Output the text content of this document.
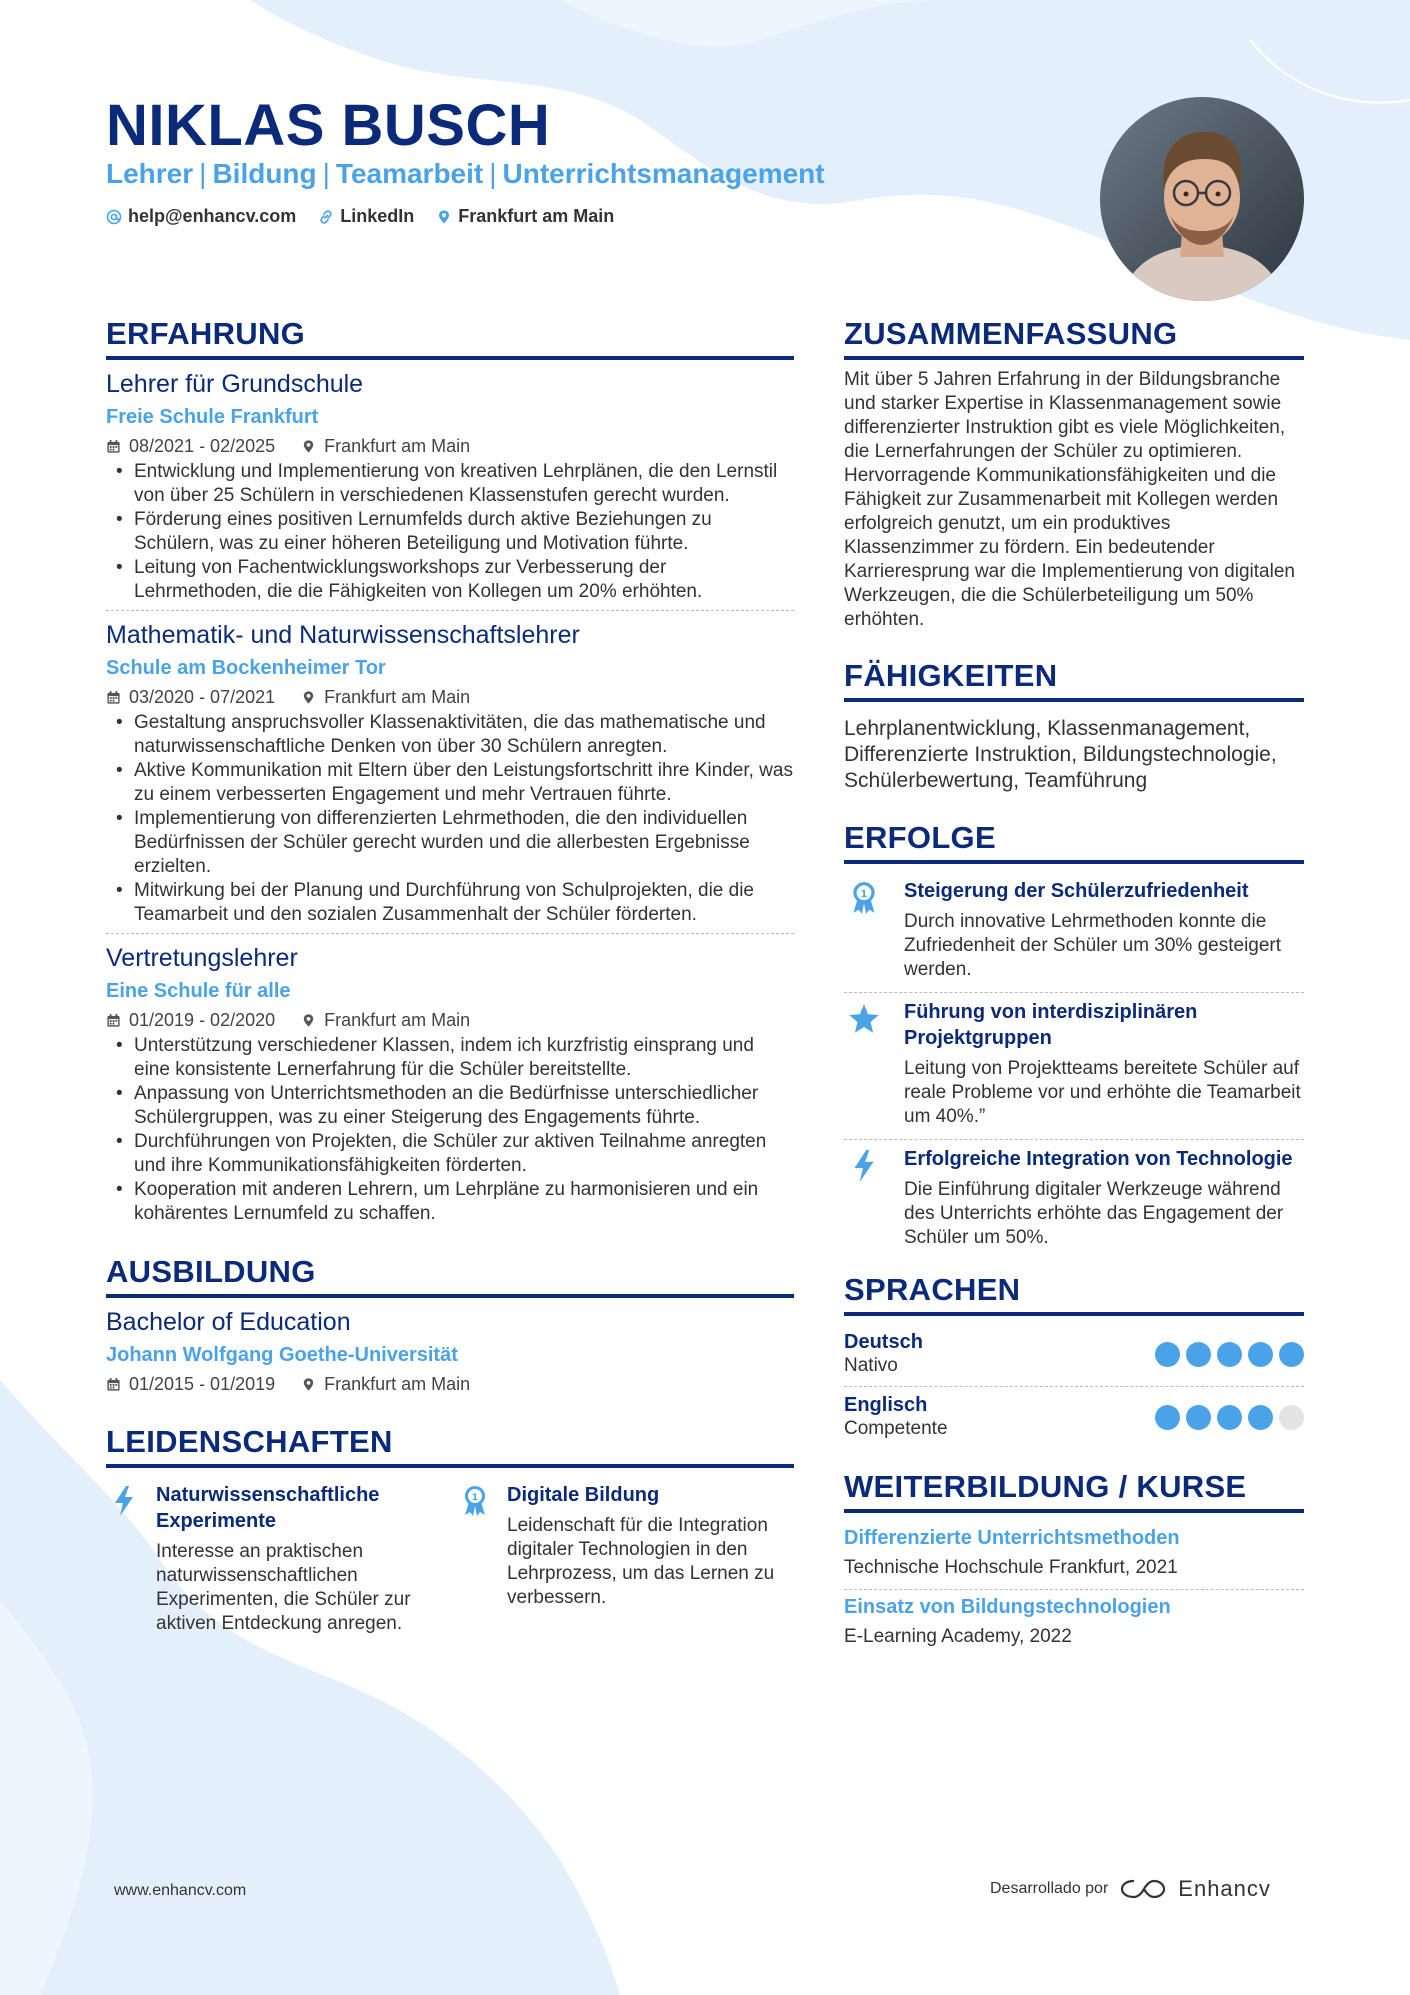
NIKLAS BUSCH
Lehrer | Bildung | Teamarbeit | Unterrichtsmanagement
help@enhancv.com LinkedIn Frankfurt am Main
ERFAHRUNG
Lehrer für Grundschule
Freie Schule Frankfurt
08/2021 - 02/2025	Frankfurt am Main
• Entwicklung und Implementierung von kreativen Lehrplänen, die den Lernstil von über 25 Schülern in verschiedenen Klassenstufen gerecht wurden.
• Förderung eines positiven Lernumfelds durch aktive Beziehungen zu Schülern, was zu einer höheren Beteiligung und Motivation führte.
• Leitung von Fachentwicklungsworkshops zur Verbesserung der Lehrmethoden, die die Fähigkeiten von Kollegen um 20% erhöhten.
Mathematik- und Naturwissenschaftslehrer
Schule am Bockenheimer Tor
03/2020 - 07/2021	Frankfurt am Main
• Gestaltung anspruchsvoller Klassenaktivitäten, die das mathematische und naturwissenschaftliche Denken von über 30 Schülern anregten.
• Aktive Kommunikation mit Eltern über den Leistungsfortschritt ihre Kinder, was zu einem verbesserten Engagement und mehr Vertrauen führte.
• Implementierung von differenzierten Lehrmethoden, die den individuellen Bedürfnissen der Schüler gerecht wurden und die allerbesten Ergebnisse erzielten.
• Mitwirkung bei der Planung und Durchführung von Schulprojekten, die die Teamarbeit und den sozialen Zusammenhalt der Schüler förderten.
Vertretungslehrer
Eine Schule für alle
01/2019 - 02/2020	Frankfurt am Main
• Unterstützung verschiedener Klassen, indem ich kurzfristig einsprang und eine konsistente Lernerfahrung für die Schüler bereitstellte.
• Anpassung von Unterrichtsmethoden an die Bedürfnisse unterschiedlicher Schülergruppen, was zu einer Steigerung des Engagements führte.
• Durchführungen von Projekten, die Schüler zur aktiven Teilnahme anregten und ihre Kommunikationsfähigkeiten förderten.
• Kooperation mit anderen Lehrern, um Lehrpläne zu harmonisieren und ein kohärentes Lernumfeld zu schaffen.
AUSBILDUNG
Bachelor of Education
Johann Wolfgang Goethe-Universität
01/2015 - 01/2019	Frankfurt am Main
LEIDENSCHAFTEN
Naturwissenschaftliche Experimente
Interesse an praktischen naturwissenschaftlichen Experimenten, die Schüler zur aktiven Entdeckung anregen.
1 Digitale Bildung
Leidenschaft für die Integration digitaler Technologien in den Lehrprozess, um das Lernen zu verbessern.
ZUSAMMENFASSUNG
Mit über 5 Jahren Erfahrung in der Bildungsbranche und starker Expertise in Klassenmanagement sowie differenzierter Instruktion gibt es viele Möglichkeiten, die Lernerfahrungen der Schüler zu optimieren. Hervorragende Kommunikationsfähigkeiten und die Fähigkeit zur Zusammenarbeit mit Kollegen werden erfolgreich genutzt, um ein produktives Klassenzimmer zu fördern. Ein bedeutender Karrieresprung war die Implementierung von digitalen Werkzeugen, die die Schülerbeteiligung um 50% erhöhten.
FÄHIGKEITEN
Lehrplanentwicklung, Klassenmanagement, Differenzierte Instruktion, Bildungstechnologie, Schülerbewertung, Teamführung
ERFOLGE
1 Steigerung der Schülerzufriedenheit
Durch innovative Lehrmethoden konnte die Zufriedenheit der Schüler um 30% gesteigert werden.
Führung von interdisziplinären Projektgruppen
Leitung von Projektteams bereitete Schüler auf reale Probleme vor und erhöhte die Teamarbeit um 40%.”
Erfolgreiche Integration von Technologie
Die Einführung digitaler Werkzeuge während des Unterrichts erhöhte das Engagement der Schüler um 50%.
SPRACHEN
Deutsch
Nativo
Englisch
Competente
WEITERBILDUNG / KURSE
Differenzierte Unterrichtsmethoden
Technische Hochschule Frankfurt, 2021
Einsatz von Bildungstechnologien
E-Learning Academy, 2022
www.enhancv.com	Desarrollado por	Enhancv
